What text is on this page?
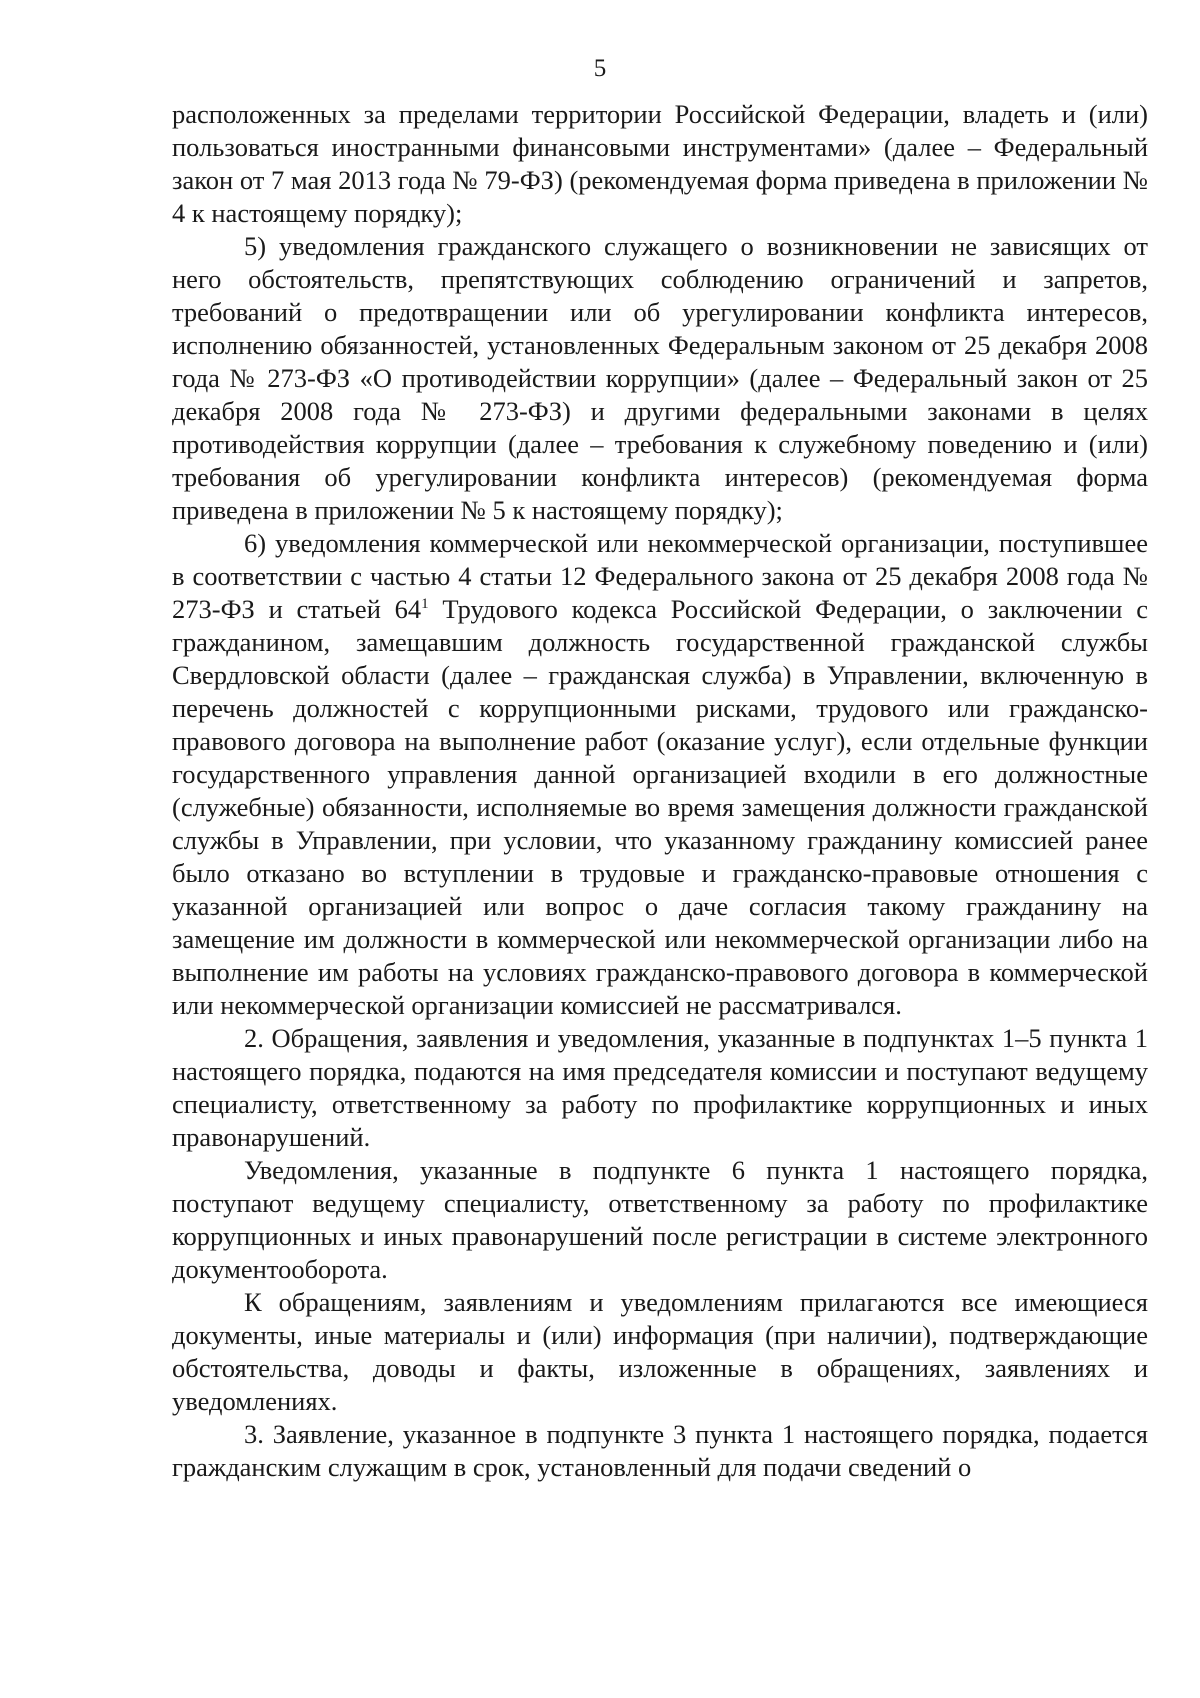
5

расположенных за пределами территории Российской Федерации, владеть и (или) пользоваться иностранными финансовыми инструментами» (далее – Федеральный закон от 7 мая 2013 года № 79-ФЗ) (рекомендуемая форма приведена в приложении № 4 к настоящему порядку);

5) уведомления гражданского служащего о возникновении не зависящих от него обстоятельств, препятствующих соблюдению ограничений и запретов, требований о предотвращении или об урегулировании конфликта интересов, исполнению обязанностей, установленных Федеральным законом от 25 декабря 2008 года № 273-ФЗ «О противодействии коррупции» (далее – Федеральный закон от 25 декабря 2008 года № 273-ФЗ) и другими федеральными законами в целях противодействия коррупции (далее – требования к служебному поведению и (или) требования об урегулировании конфликта интересов) (рекомендуемая форма приведена в приложении № 5 к настоящему порядку);

6) уведомления коммерческой или некоммерческой организации, поступившее в соответствии с частью 4 статьи 12 Федерального закона от 25 декабря 2008 года № 273-ФЗ и статьей $64^1$ Трудового кодекса Российской Федерации, о заключении с гражданином, замещавшим должность государственной гражданской службы Свердловской области (далее – гражданская служба) в Управлении, включенную в перечень должностей с коррупционными рисками, трудового или гражданско-правового договора на выполнение работ (оказание услуг), если отдельные функции государственного управления данной организацией входили в его должностные (служебные) обязанности, исполняемые во время замещения должности гражданской службы в Управлении, при условии, что указанному гражданину комиссией ранее было отказано во вступлении в трудовые и гражданско-правовые отношения с указанной организацией или вопрос о даче согласия такому гражданину на замещение им должности в коммерческой или некоммерческой организации либо на выполнение им работы на условиях гражданско-правового договора в коммерческой или некоммерческой организации комиссией не рассматривался.

2. Обращения, заявления и уведомления, указанные в подпунктах 1–5 пункта 1 настоящего порядка, подаются на имя председателя комиссии и поступают ведущему специалисту, ответственному за работу по профилактике коррупционных и иных правонарушений.

Уведомления, указанные в подпункте 6 пункта 1 настоящего порядка, поступают ведущему специалисту, ответственному за работу по профилактике коррупционных и иных правонарушений после регистрации в системе электронного документооборота.

К обращениям, заявлениям и уведомлениям прилагаются все имеющиеся документы, иные материалы и (или) информация (при наличии), подтверждающие обстоятельства, доводы и факты, изложенные в обращениях, заявлениях и уведомлениях.

3. Заявление, указанное в подпункте 3 пункта 1 настоящего порядка, подается гражданским служащим в срок, установленный для подачи сведений о
